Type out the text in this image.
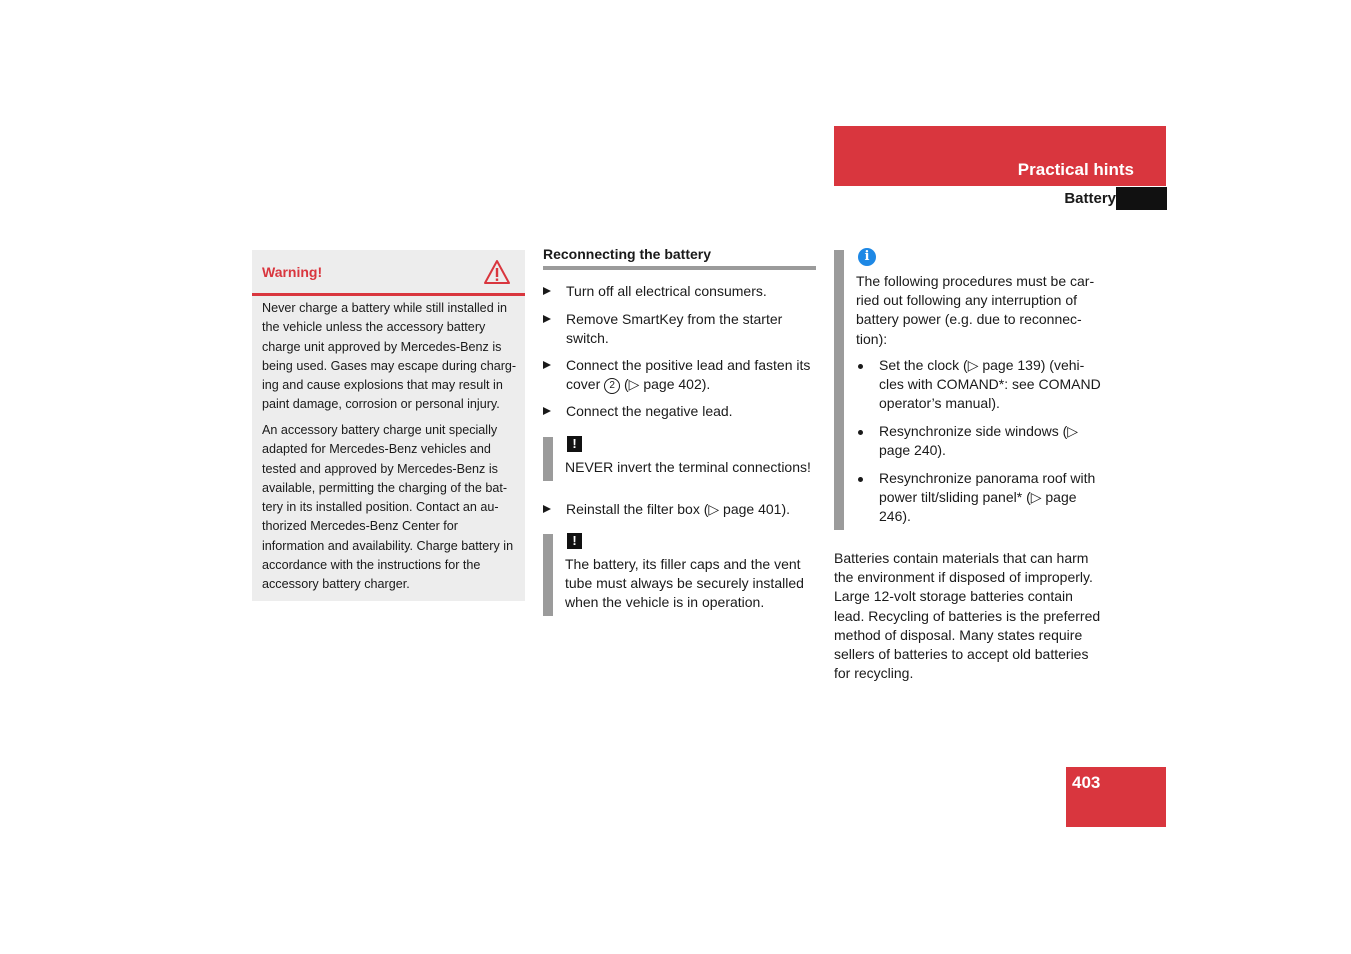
Practical hints
Battery
Warning!

Never charge a battery while still installed in the vehicle unless the accessory battery charge unit approved by Mercedes-Benz is being used. Gases may escape during charg- ing and cause explosions that may result in paint damage, corrosion or personal injury.

An accessory battery charge unit specially adapted for Mercedes-Benz vehicles and tested and approved by Mercedes-Benz is available, permitting the charging of the bat- tery in its installed position. Contact an au- thorized Mercedes-Benz Center for information and availability. Charge battery in accordance with the instructions for the accessory battery charger.

Reconnecting the battery
Turn off all electrical consumers.
Remove SmartKey from the starter switch.
Connect the positive lead and fasten its cover 2 (▷ page 402).
Connect the negative lead.
!
NEVER invert the terminal connections!
Reinstall the filter box (▷ page 401).
!
The battery, its filler caps and the vent tube must always be securely installed when the vehicle is in operation.
i

The following procedures must be car- ried out following any interruption of battery power (e.g. due to reconnec- tion):

Set the clock (▷ page 139) (vehi- cles with COMAND*: see COMAND operator’s manual).
Resynchronize side windows (▷ page 240).
Resynchronize panorama roof with power tilt/sliding panel* (▷ page 246).

Batteries contain materials that can harm the environment if disposed of improperly. Large 12-volt storage batteries contain lead. Recycling of batteries is the preferred method of disposal. Many states require sellers of batteries to accept old batteries for recycling.

403
